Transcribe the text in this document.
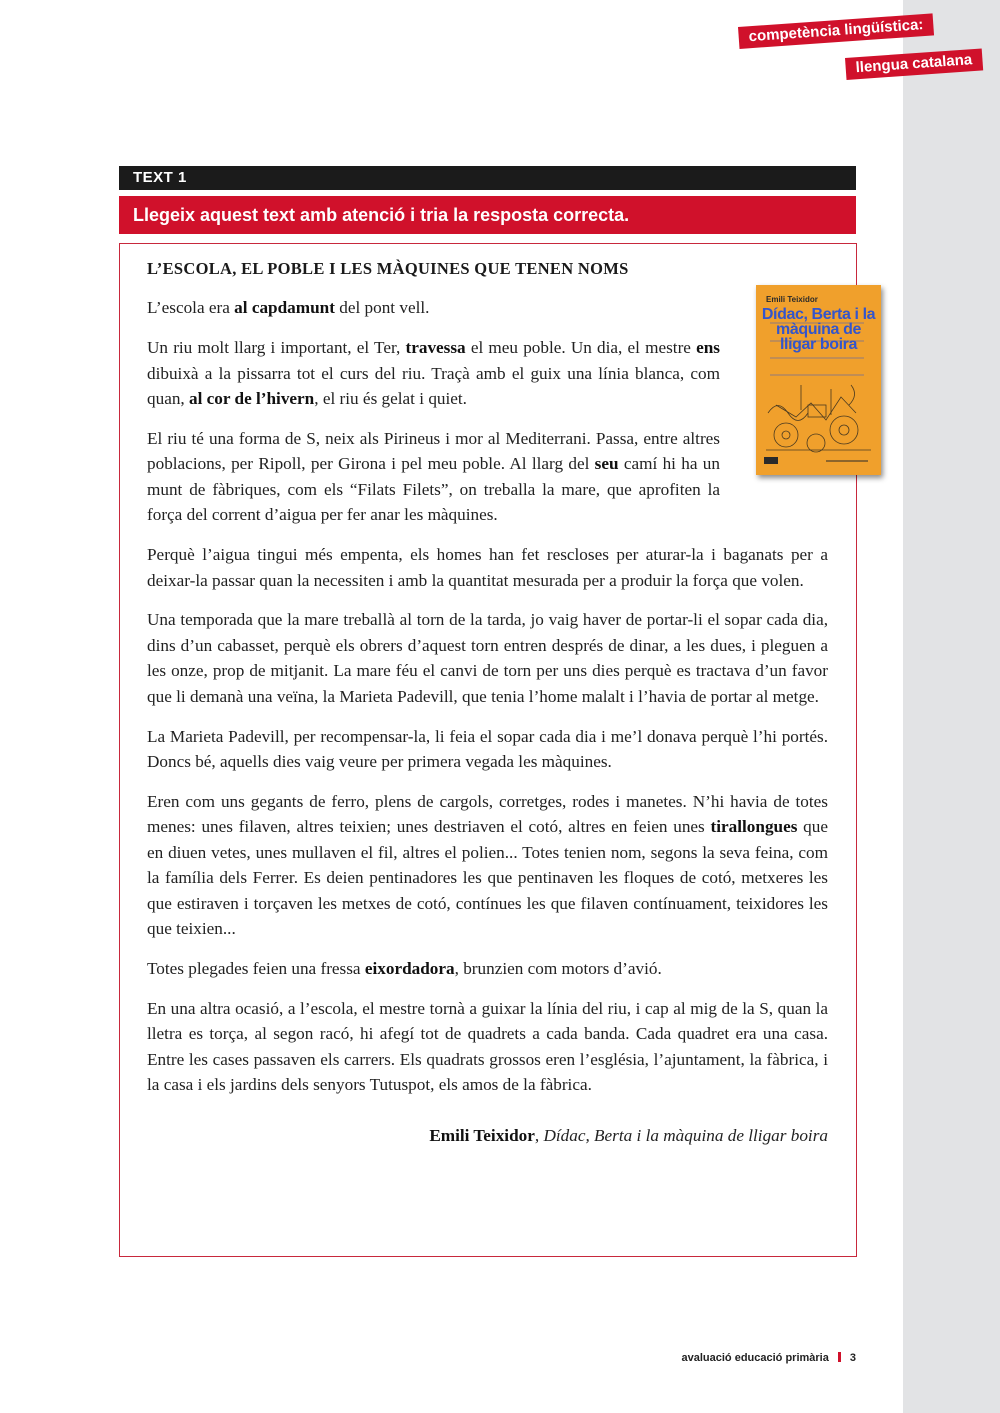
competència lingüística:
llengua catalana
TEXT 1
Llegeix aquest text amb atenció i tria la resposta correcta.
Emili Teixidor
Dídac, Berta i la màquina de lligar boira
L’ESCOLA, EL POBLE I LES MÀQUINES QUE TENEN NOMS

L’escola era al capdamunt del pont vell.

Un riu molt llarg i important, el Ter, travessa el meu poble. Un dia, el mestre ens dibuixà a la pissarra tot el curs del riu. Traçà amb el guix una línia blanca, com quan, al cor de l’hivern, el riu és gelat i quiet.

El riu té una forma de S, neix als Pirineus i mor al Mediterrani. Passa, entre altres poblacions, per Ripoll, per Girona i pel meu poble. Al llarg del seu camí hi ha un munt de fàbriques, com els “Filats Filets”, on treballa la mare, que aprofiten la força del corrent d’aigua per fer anar les màquines.

Perquè l’aigua tingui més empenta, els homes han fet rescloses per aturar-la i baganats per a deixar-la passar quan la necessiten i amb la quantitat mesurada per a produir la força que volen.

Una temporada que la mare treballà al torn de la tarda, jo vaig haver de portar-li el sopar cada dia, dins d’un cabasset, perquè els obrers d’aquest torn entren després de dinar, a les dues, i pleguen a les onze, prop de mitjanit. La mare féu el canvi de torn per uns dies perquè es tractava d’un favor que li demanà una veïna, la Marieta Padevill, que tenia l’home malalt i l’havia de portar al metge.

La Marieta Padevill, per recompensar-la, li feia el sopar cada dia i me’l donava perquè l’hi portés. Doncs bé, aquells dies vaig veure per primera vegada les màquines.

Eren com uns gegants de ferro, plens de cargols, corretges, rodes i manetes. N’hi havia de totes menes: unes filaven, altres teixien; unes destriaven el cotó, altres en feien unes tirallongues que en diuen vetes, unes mullaven el fil, altres el polien... Totes tenien nom, segons la seva feina, com la família dels Ferrer. Es deien pentinadores les que pentinaven les floques de cotó, metxeres les que estiraven i torçaven les metxes de cotó, contínues les que filaven contínuament, teixidores les que teixien...

Totes plegades feien una fressa eixordadora, brunzien com motors d’avió.

En una altra ocasió, a l’escola, el mestre tornà a guixar la línia del riu, i cap al mig de la S, quan la lletra es torça, al segon racó, hi afegí tot de quadrets a cada banda. Cada quadret era una casa. Entre les cases passaven els carrers. Els quadrats grossos eren l’església, l’ajuntament, la fàbrica, i la casa i els jardins dels senyors Tutuspot, els amos de la fàbrica.

Emili Teixidor, Dídac, Berta i la màquina de lligar boira

avaluació educació primària 3
